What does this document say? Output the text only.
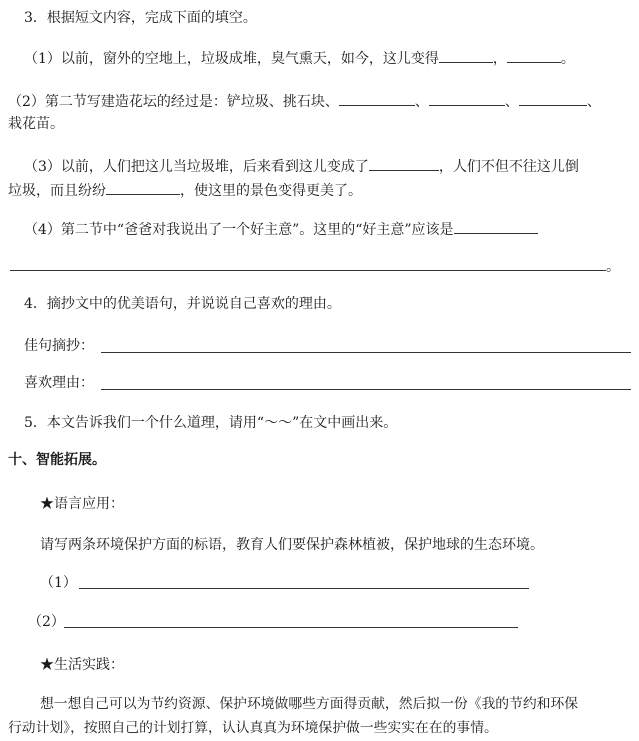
3．根据短文内容，完成下面的填空。
（1）以前，窗外的空地上，垃圾成堆，臭气熏天，如今，这儿变得	，	。
（2）第二节写建造花坛的经过是：铲垃圾、挑石块、	、	、	、
栽花苗。
（3）以前，人们把这儿当垃圾堆，后来看到这儿变成了	，人们不但不往这儿倒
垃圾，而且纷纷	，使这里的景色变得更美了。
（4）第二节中“爸爸对我说出了一个好主意”。这里的“好主意”应该是
。
4．摘抄文中的优美语句，并说说自己喜欢的理由。
佳句摘抄：
喜欢理由：
5．本文告诉我们一个什么道理，请用“～～”在文中画出来。
十、智能拓展。
★语言应用：
请写两条环境保护方面的标语，教育人们要保护森林植被，保护地球的生态环境。
（1）
（2）
★生活实践：
想一想自己可以为节约资源、保护环境做哪些方面得贡献，然后拟一份《我的节约和环保
行动计划》，按照自己的计划打算，认认真真为环境保护做一些实实在在的事情。
